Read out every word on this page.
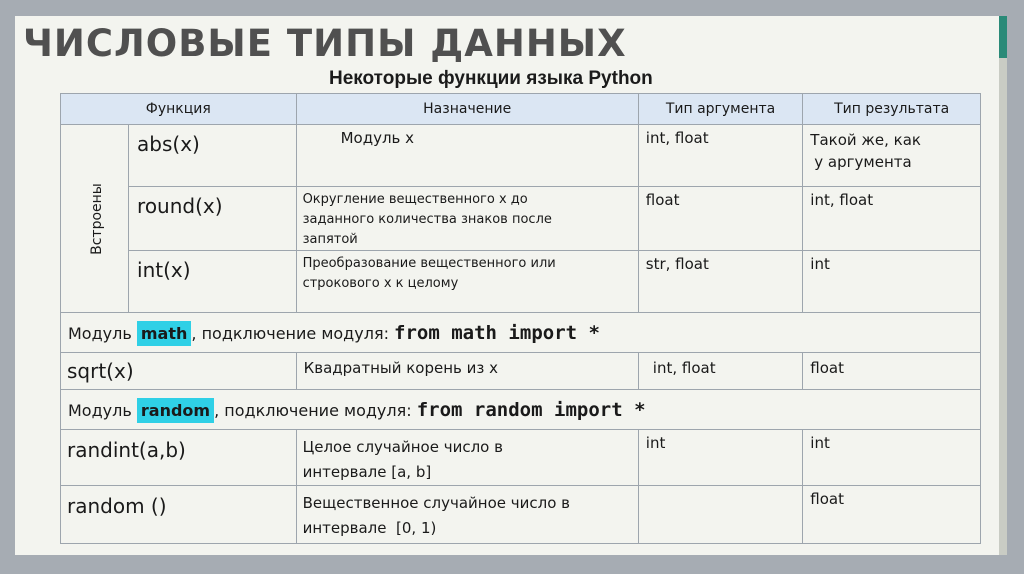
ЧИСЛОВЫЕ ТИПЫ ДАННЫХ
Некоторые функции языка Python
Функция		Назначение	Тип аргумента	Тип результата
Встроены	abs(x)	Модуль х	int, float	Такой же, как
у аргумента

	round(x)	Округление вещественного х до
заданного количества знаков после
запятой	float	int, float
	int(x)	Преобразование вещественного или
строкового х к целому	str, float	int
Модуль math , подключение модуля: from math import *				
sqrt(x)		Квадратный корень из х	int, float	float
Модуль random , подключение модуля: from random import *				
randint(a,b)		Целое случайное число в
интервале [a, b]	int	int
random ()		Вещественное случайное число в
интервале  [0, 1)		float
